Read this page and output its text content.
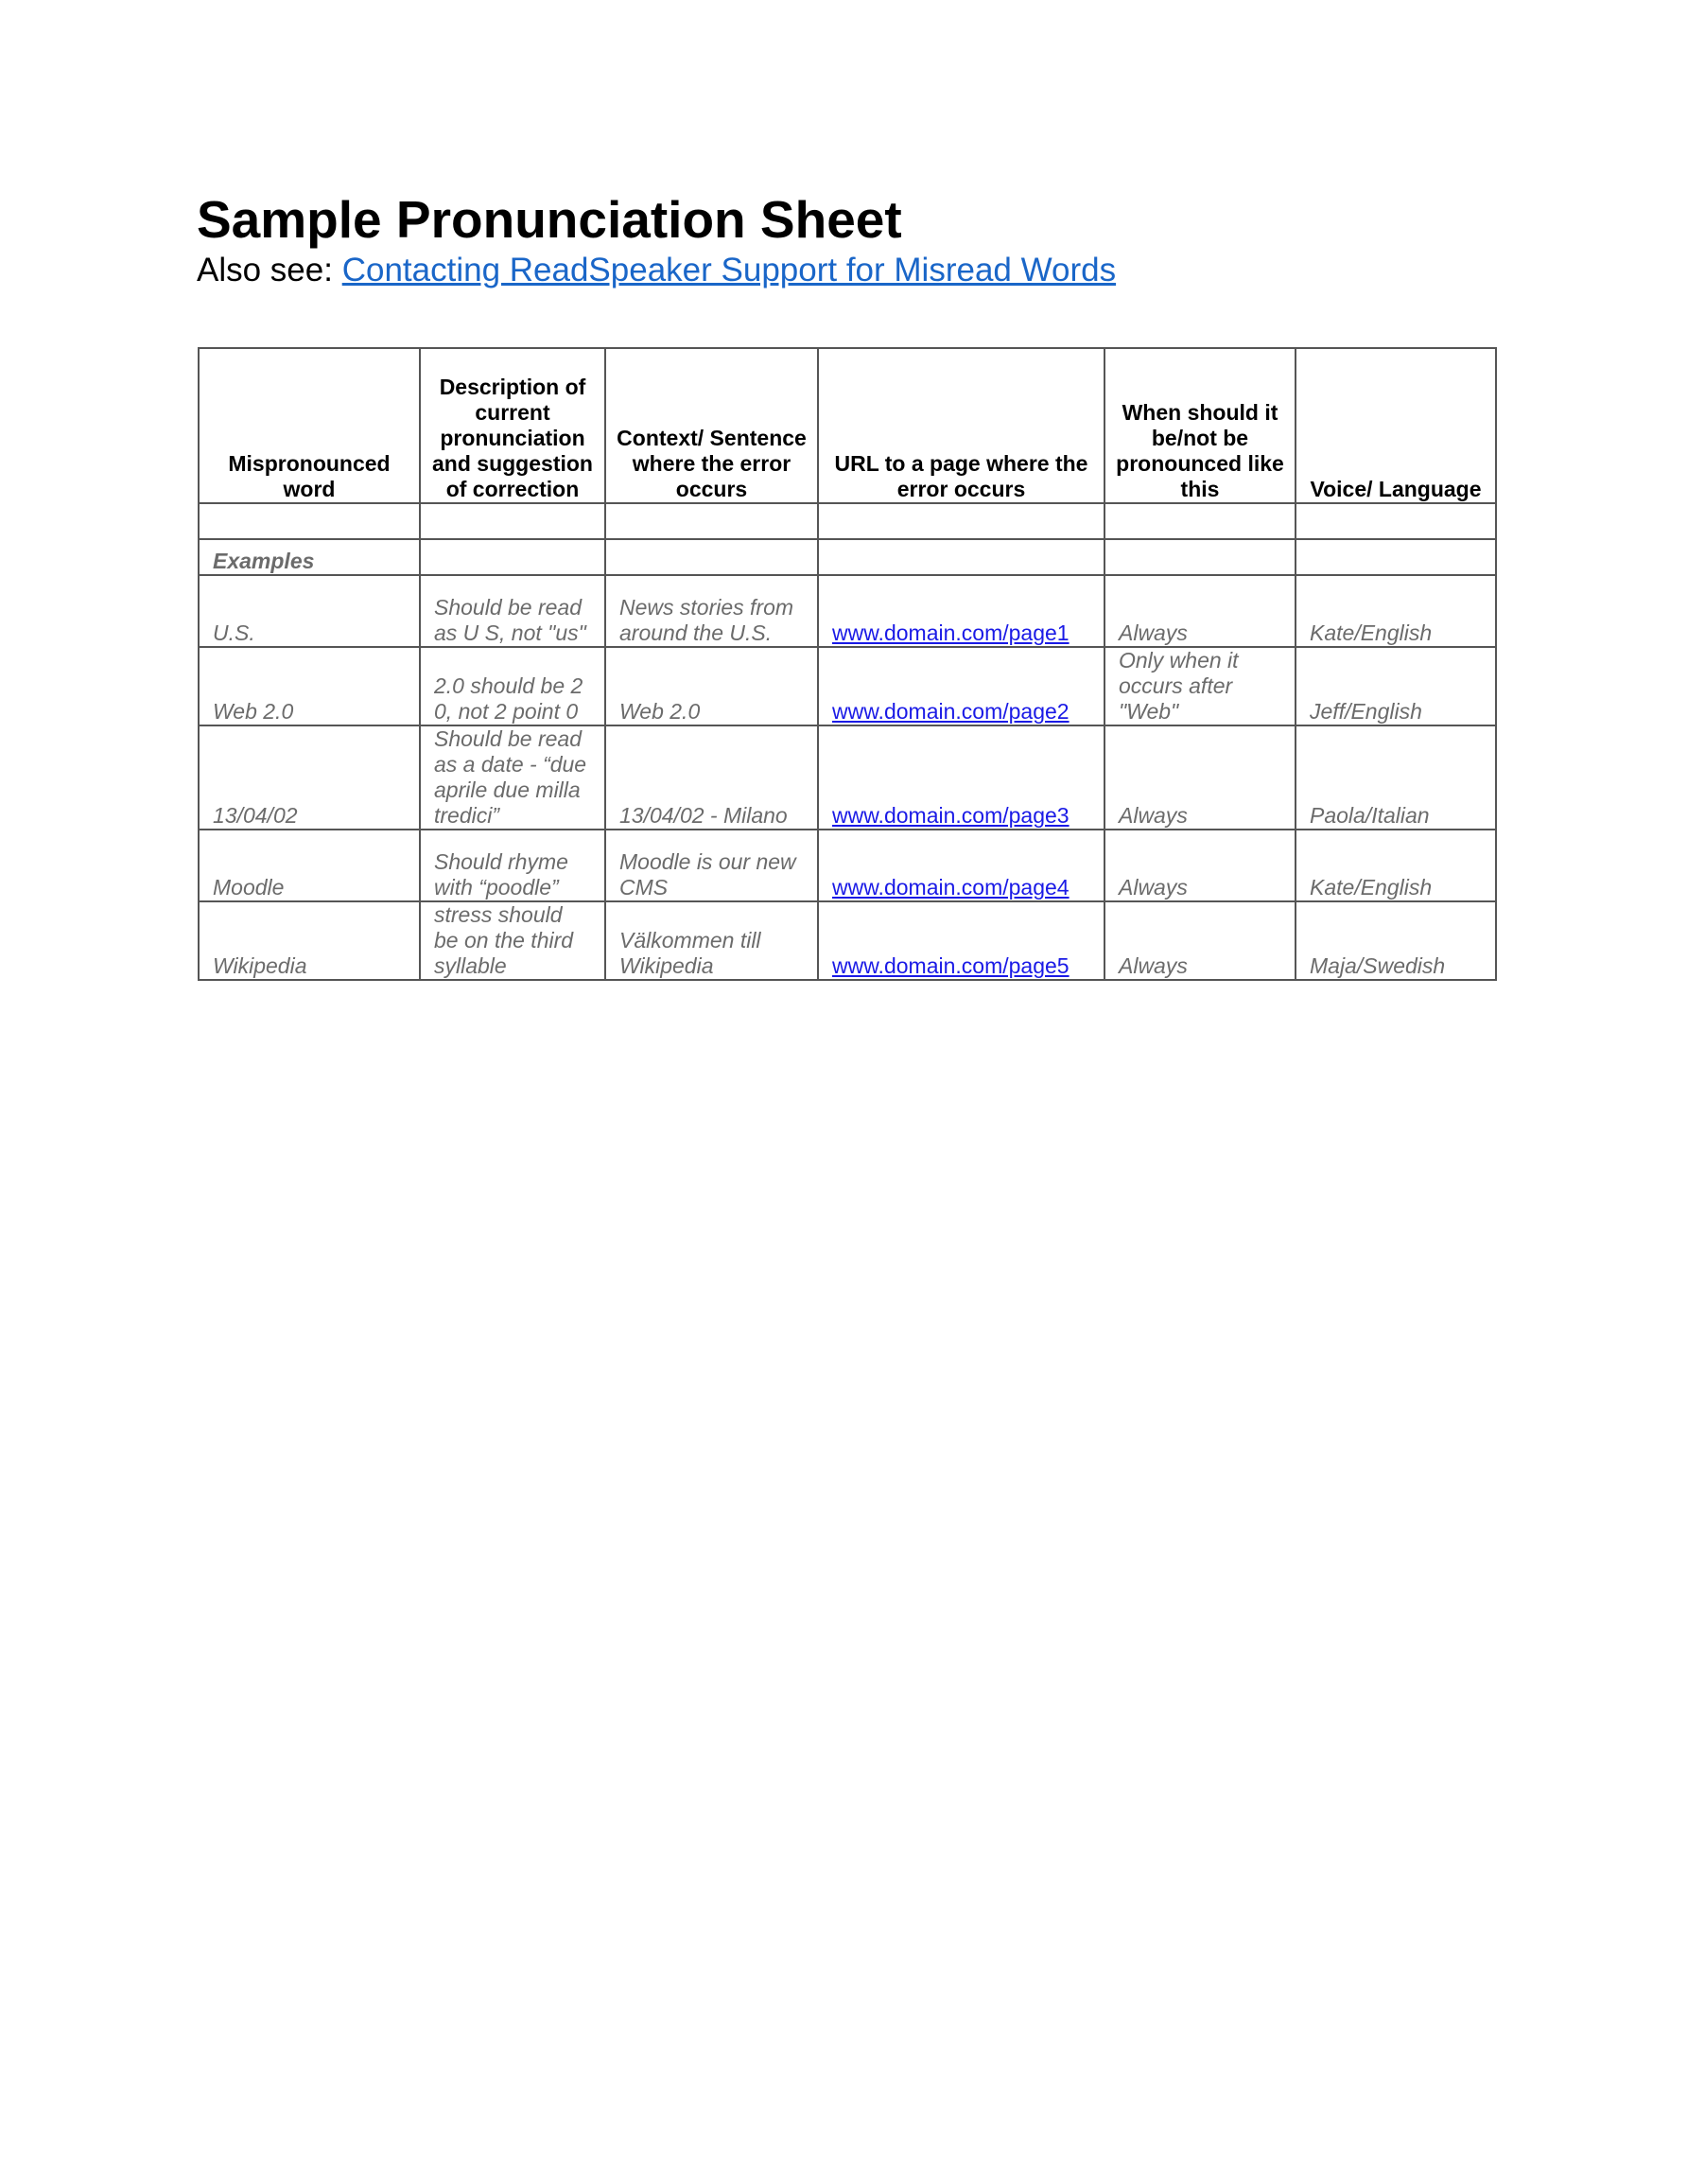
Sample Pronunciation Sheet
Also see: Contacting ReadSpeaker Support for Misread Words
Mispronounced word	Description of current pronunciation and suggestion of correction	Context/ Sentence where the error occurs	URL to a page where the error occurs	When should it be/not be pronounced like this	Voice/ Language

Examples					
U.S.	Should be read as U S, not "us"	News stories from around the U.S.	www.domain.com/page1	Always	Kate/English
Web 2.0	2.0 should be 2 0, not 2 point 0	Web 2.0	www.domain.com/page2	Only when it occurs after "Web"	Jeff/English
13/04/02	Should be read as a date - “due aprile due milla tredici”	13/04/02 - Milano	www.domain.com/page3	Always	Paola/Italian
Moodle	Should rhyme with “poodle”	Moodle is our new CMS	www.domain.com/page4	Always	Kate/English
Wikipedia	stress should be on the third syllable	Välkommen till Wikipedia	www.domain.com/page5	Always	Maja/Swedish
